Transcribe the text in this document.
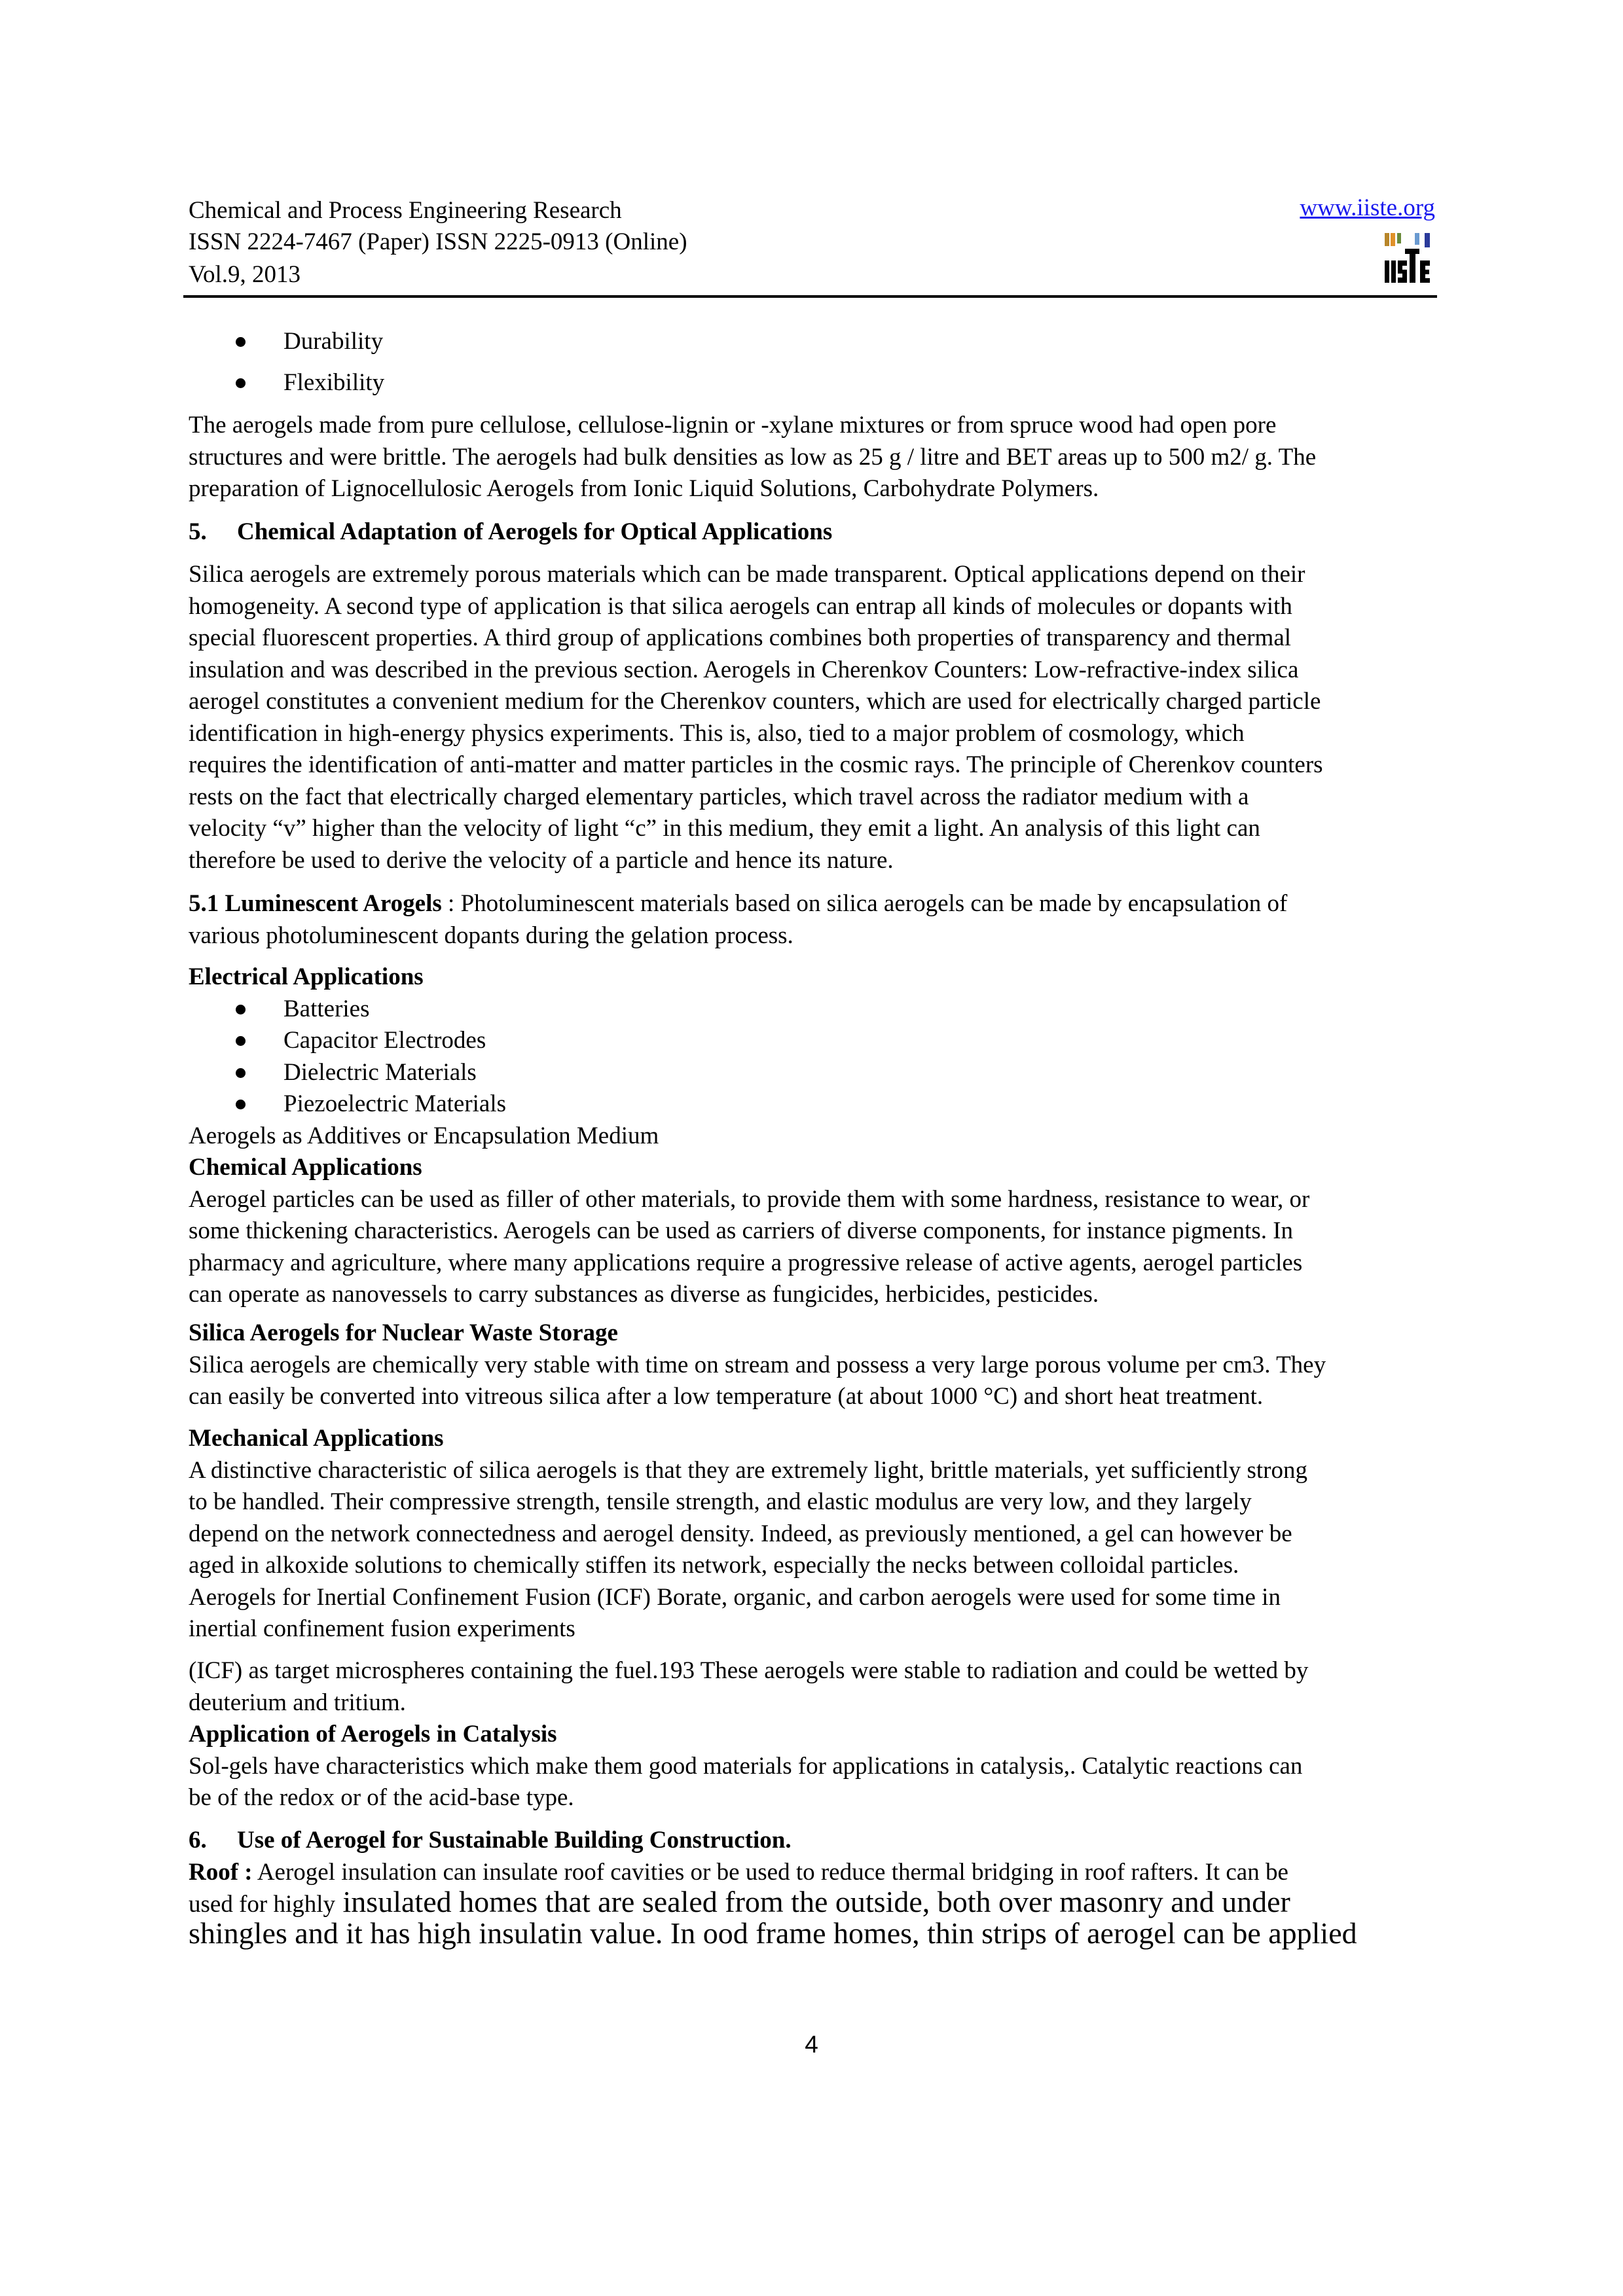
Chemical and Process Engineering Research
ISSN 2224-7467 (Paper) ISSN 2225-0913 (Online)
Vol.9, 2013
www.iiste.org
Durability
Flexibility
The aerogels made from pure cellulose, cellulose-lignin or -xylane mixtures or from spruce wood had open pore
structures and were brittle. The aerogels had bulk densities as low as 25 g / litre and BET areas up to 500 m2/ g. The
preparation of Lignocellulosic Aerogels from Ionic Liquid Solutions, Carbohydrate Polymers.
5. Chemical Adaptation of Aerogels for Optical Applications
Silica aerogels are extremely porous materials which can be made transparent. Optical applications depend on their
homogeneity. A second type of application is that silica aerogels can entrap all kinds of molecules or dopants with
special fluorescent properties. A third group of applications combines both properties of transparency and thermal
insulation and was described in the previous section. Aerogels in Cherenkov Counters: Low-refractive-index silica
aerogel constitutes a convenient medium for the Cherenkov counters, which are used for electrically charged particle
identification in high-energy physics experiments. This is, also, tied to a major problem of cosmology, which
requires the identification of anti-matter and matter particles in the cosmic rays. The principle of Cherenkov counters
rests on the fact that electrically charged elementary particles, which travel across the radiator medium with a
velocity “v” higher than the velocity of light “c” in this medium, they emit a light. An analysis of this light can
therefore be used to derive the velocity of a particle and hence its nature.
5.1 Luminescent Arogels : Photoluminescent materials based on silica aerogels can be made by encapsulation of
various photoluminescent dopants during the gelation process.
Electrical Applications
Batteries
Capacitor Electrodes
Dielectric Materials
Piezoelectric Materials
Aerogels as Additives or Encapsulation Medium
Chemical Applications
Aerogel particles can be used as filler of other materials, to provide them with some hardness, resistance to wear, or
some thickening characteristics. Aerogels can be used as carriers of diverse components, for instance pigments. In
pharmacy and agriculture, where many applications require a progressive release of active agents, aerogel particles
can operate as nanovessels to carry substances as diverse as fungicides, herbicides, pesticides.
Silica Aerogels for Nuclear Waste Storage
Silica aerogels are chemically very stable with time on stream and possess a very large porous volume per cm3. They
can easily be converted into vitreous silica after a low temperature (at about 1000 °C) and short heat treatment.
Mechanical Applications
A distinctive characteristic of silica aerogels is that they are extremely light, brittle materials, yet sufficiently strong
to be handled. Their compressive strength, tensile strength, and elastic modulus are very low, and they largely
depend on the network connectedness and aerogel density. Indeed, as previously mentioned, a gel can however be
aged in alkoxide solutions to chemically stiffen its network, especially the necks between colloidal particles.
Aerogels for Inertial Confinement Fusion (ICF) Borate, organic, and carbon aerogels were used for some time in
inertial confinement fusion experiments
(ICF) as target microspheres containing the fuel.193 These aerogels were stable to radiation and could be wetted by
deuterium and tritium.
Application of Aerogels in Catalysis
Sol-gels have characteristics which make them good materials for applications in catalysis,. Catalytic reactions can
be of the redox or of the acid-base type.
6. Use of Aerogel for Sustainable Building Construction.
Roof : Aerogel insulation can insulate roof cavities or be used to reduce thermal bridging in roof rafters. It can be
used for highly insulated homes that are sealed from the outside, both over masonry and under
shingles and it has high insulatin value. In ood frame homes, thin strips of aerogel can be applied
4
